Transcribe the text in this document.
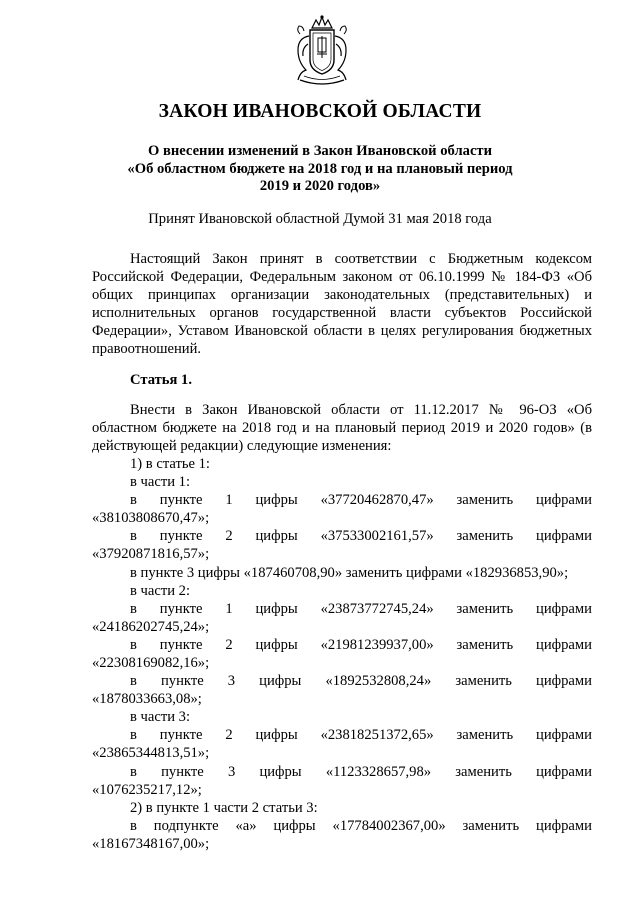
ЗАКОН ИВАНОВСКОЙ ОБЛАСТИ
О внесении изменений в Закон Ивановской области
«Об областном бюджете на 2018 год и на плановый период
2019 и 2020 годов»
Принят Ивановской областной Думой 31 мая 2018 года

Настоящий Закон принят в соответствии с Бюджетным кодексом Российской Федерации, Федеральным законом от 06.10.1999 № 184-ФЗ «Об общих принципах организации законодательных (представительных) и исполнительных органов государственной власти субъектов Российской Федерации», Уставом Ивановской области в целях регулирования бюджетных правоотношений.

Статья 1.

Внести в Закон Ивановской области от 11.12.2017 № 96-ОЗ «Об областном бюджете на 2018 год и на плановый период 2019 и 2020 годов» (в действующей редакции) следующие изменения:

1) в статье 1:

в части 1:

в пункте 1 цифры «37720462870,47» заменить цифрами

«38103808670,47»;

в пункте 2 цифры «37533002161,57» заменить цифрами

«37920871816,57»;

в пункте 3 цифры «187460708,90» заменить цифрами «182936853,90»;

в части 2:

в пункте 1 цифры «23873772745,24» заменить цифрами

«24186202745,24»;

в пункте 2 цифры «21981239937,00» заменить цифрами

«22308169082,16»;

в пункте 3 цифры «1892532808,24» заменить цифрами

«1878033663,08»;

в части 3:

в пункте 2 цифры «23818251372,65» заменить цифрами

«23865344813,51»;

в пункте 3 цифры «1123328657,98» заменить цифрами

«1076235217,12»;

2) в пункте 1 части 2 статьи 3:

в подпункте «а» цифры «17784002367,00» заменить цифрами

«18167348167,00»;
